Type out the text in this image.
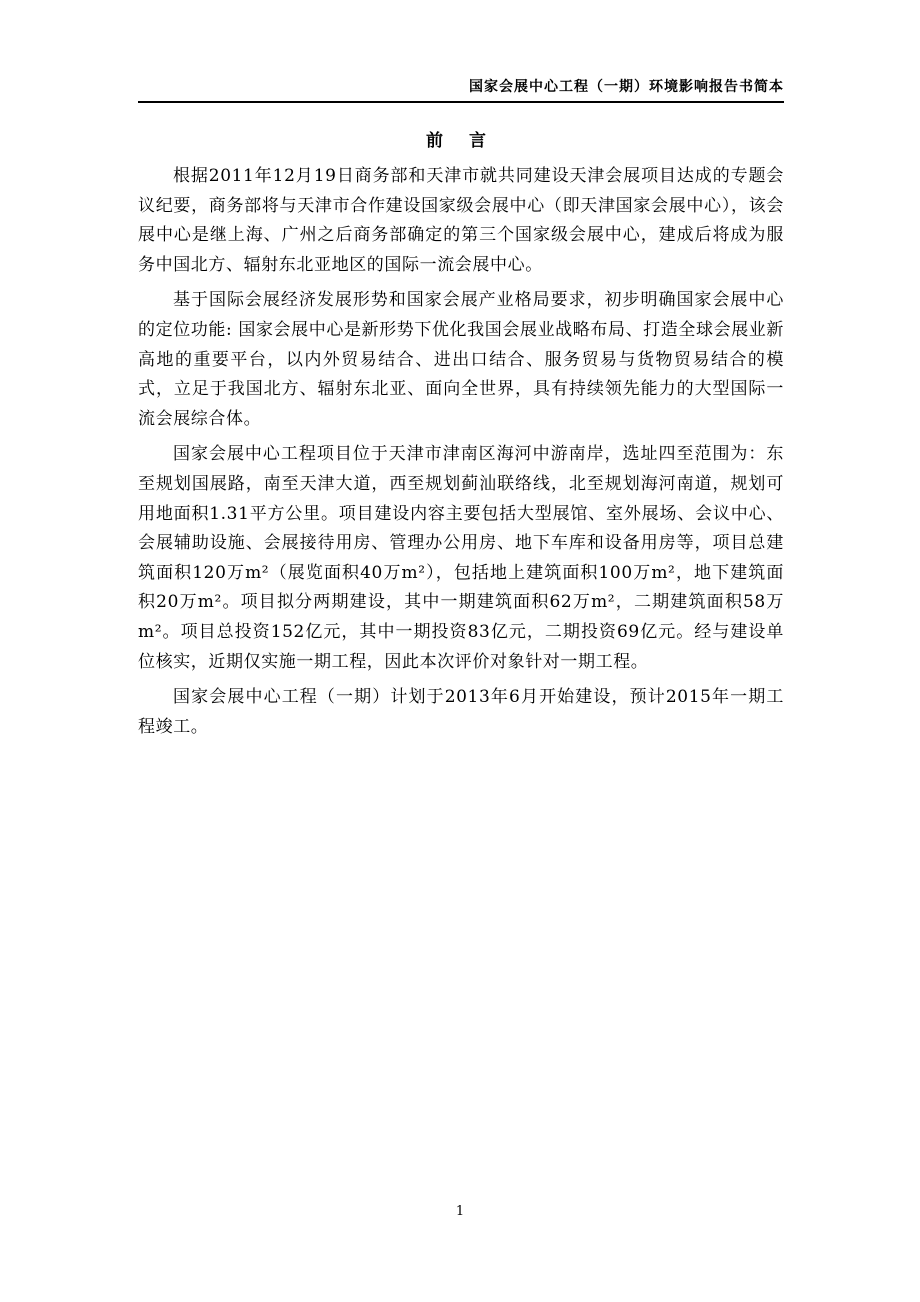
国家会展中心工程（一期）环境影响报告书简本
前 言

根据2011年12月19日商务部和天津市就共同建设天津会展项目达成的专题会议纪要，商务部将与天津市合作建设国家级会展中心（即天津国家会展中心），该会展中心是继上海、广州之后商务部确定的第三个国家级会展中心，建成后将成为服务中国北方、辐射东北亚地区的国际一流会展中心。

基于国际会展经济发展形势和国家会展产业格局要求，初步明确国家会展中心的定位功能: 国家会展中心是新形势下优化我国会展业战略布局、打造全球会展业新高地的重要平台，以内外贸易结合、进出口结合、服务贸易与货物贸易结合的模式，立足于我国北方、辐射东北亚、面向全世界，具有持续领先能力的大型国际一流会展综合体。

国家会展中心工程项目位于天津市津南区海河中游南岸，选址四至范围为：东至规划国展路，南至天津大道，西至规划蓟汕联络线，北至规划海河南道，规划可用地面积1.31平方公里。项目建设内容主要包括大型展馆、室外展场、会议中心、会展辅助设施、会展接待用房、管理办公用房、地下车库和设备用房等，项目总建筑面积120万m²（展览面积40万m²），包括地上建筑面积100万m²，地下建筑面积20万m²。项目拟分两期建设，其中一期建筑面积62万m²，二期建筑面积58万m²。项目总投资152亿元，其中一期投资83亿元，二期投资69亿元。经与建设单位核实，近期仅实施一期工程，因此本次评价对象针对一期工程。

国家会展中心工程（一期）计划于2013年6月开始建设，预计2015年一期工程竣工。

1
